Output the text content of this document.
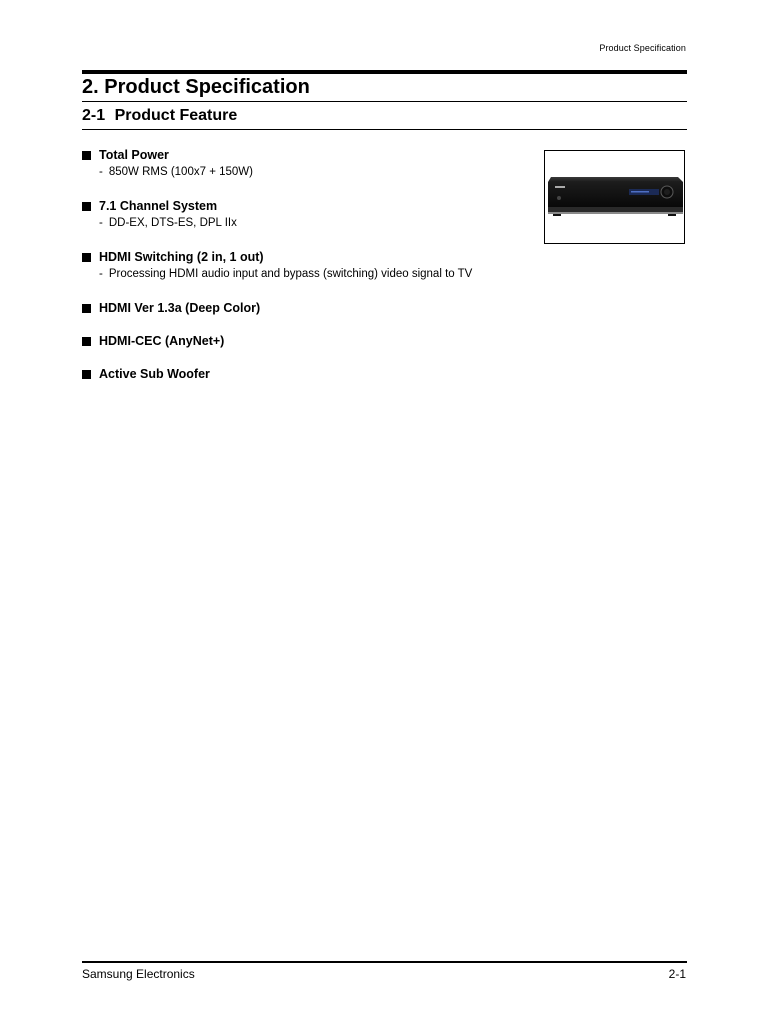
Product Specification
2. Product Specification
2-1 Product Feature
Total Power
- 850W RMS (100x7 + 150W)
7.1 Channel System
- DD-EX, DTS-ES, DPL IIx
HDMI Switching (2 in, 1 out)
- Processing HDMI audio input and bypass (switching) video signal to TV
HDMI Ver 1.3a (Deep Color)
HDMI-CEC (AnyNet+)
Active Sub Woofer
Samsung Electronics	2-1
